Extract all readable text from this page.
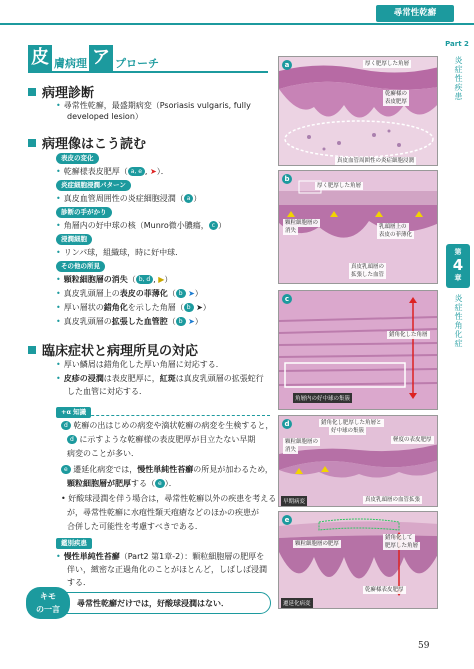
尋常性乾癬
Part 2
炎症性疾患
第
4
章
炎症性角化症
皮 膚病理 ア プローチ
病理診断
• 尋常性乾癬，最盛期病変（Psoriasis vulgaris, fully
developed lesion）
病理像はこう読む
表皮の変化
• 乾癬様表皮肥厚（ a, e , ➤）．
炎症細胞浸潤パターン
• 真皮血管周囲性の炎症細胞浸潤（ a ）
診断の手がかり
• 角層内の好中球の核（Munro微小膿瘍， c ）
浸潤細胞
• リンパ球，組織球，時に好中球．
その他の所見
• 顆粒細胞層の消失（ b, d , ▶）
• 真皮乳頭層上の表皮の菲薄化（ b ➤）
• 厚い層状の錯角化を示した角層（ b ➤）
• 真皮乳頭層の拡張した血管腔（ b ➤）
臨床症状と病理所見の対応
• 厚い鱗屑は錯角化した厚い角層に対応する．
• 皮疹の浸潤は表皮肥厚に，紅斑は真皮乳頭層の拡張蛇行
した血管に対応する．
+α 知識
d 乾癬の出はじめの病変や滴状乾癬の病変を生検すると，
d に示すような乾癬様の表皮肥厚が目立たない早期
病変のことが多い．
e 遷延化病変では，慢性単純性苔癬の所見が加わるため，
顆粒細胞層が肥厚する（ e ）．
• 好酸球浸潤を伴う場合は，尋常性乾癬以外の疾患を考える
が，尋常性乾癬に水疱性類天疱瘡などのほかの疾患が
合併した可能性を考慮すべきである．
鑑別疾患
• 慢性単純性苔癬（Part2 第1章-2）：顆粒細胞層の肥厚を
伴い，緻密な正過角化のことがほとんど，しばしば浸潤
する．
キモ
の一言
尋常性乾癬だけでは，好酸球浸潤はない．
a	厚く肥厚した角層
乾癬様の
表皮肥厚
真皮血管周囲性の炎症細胞浸潤
b
厚く肥厚した角層
顆粒細胞層の
消失
乳頭層上の
表皮の菲薄化
真皮乳頭層の
拡張した血管
c
錯角化した角層
角層内の好中球の集簇
d	錯角化し肥厚した角層と
好中球の集簇
軽度の表皮肥厚
顆粒細胞層の
消失
早期病変	真皮乳頭層の血管拡張
e
錯角化して
肥厚した角層
顆粒細胞層の肥厚
乾癬様表皮肥厚
遷延化病変
59
